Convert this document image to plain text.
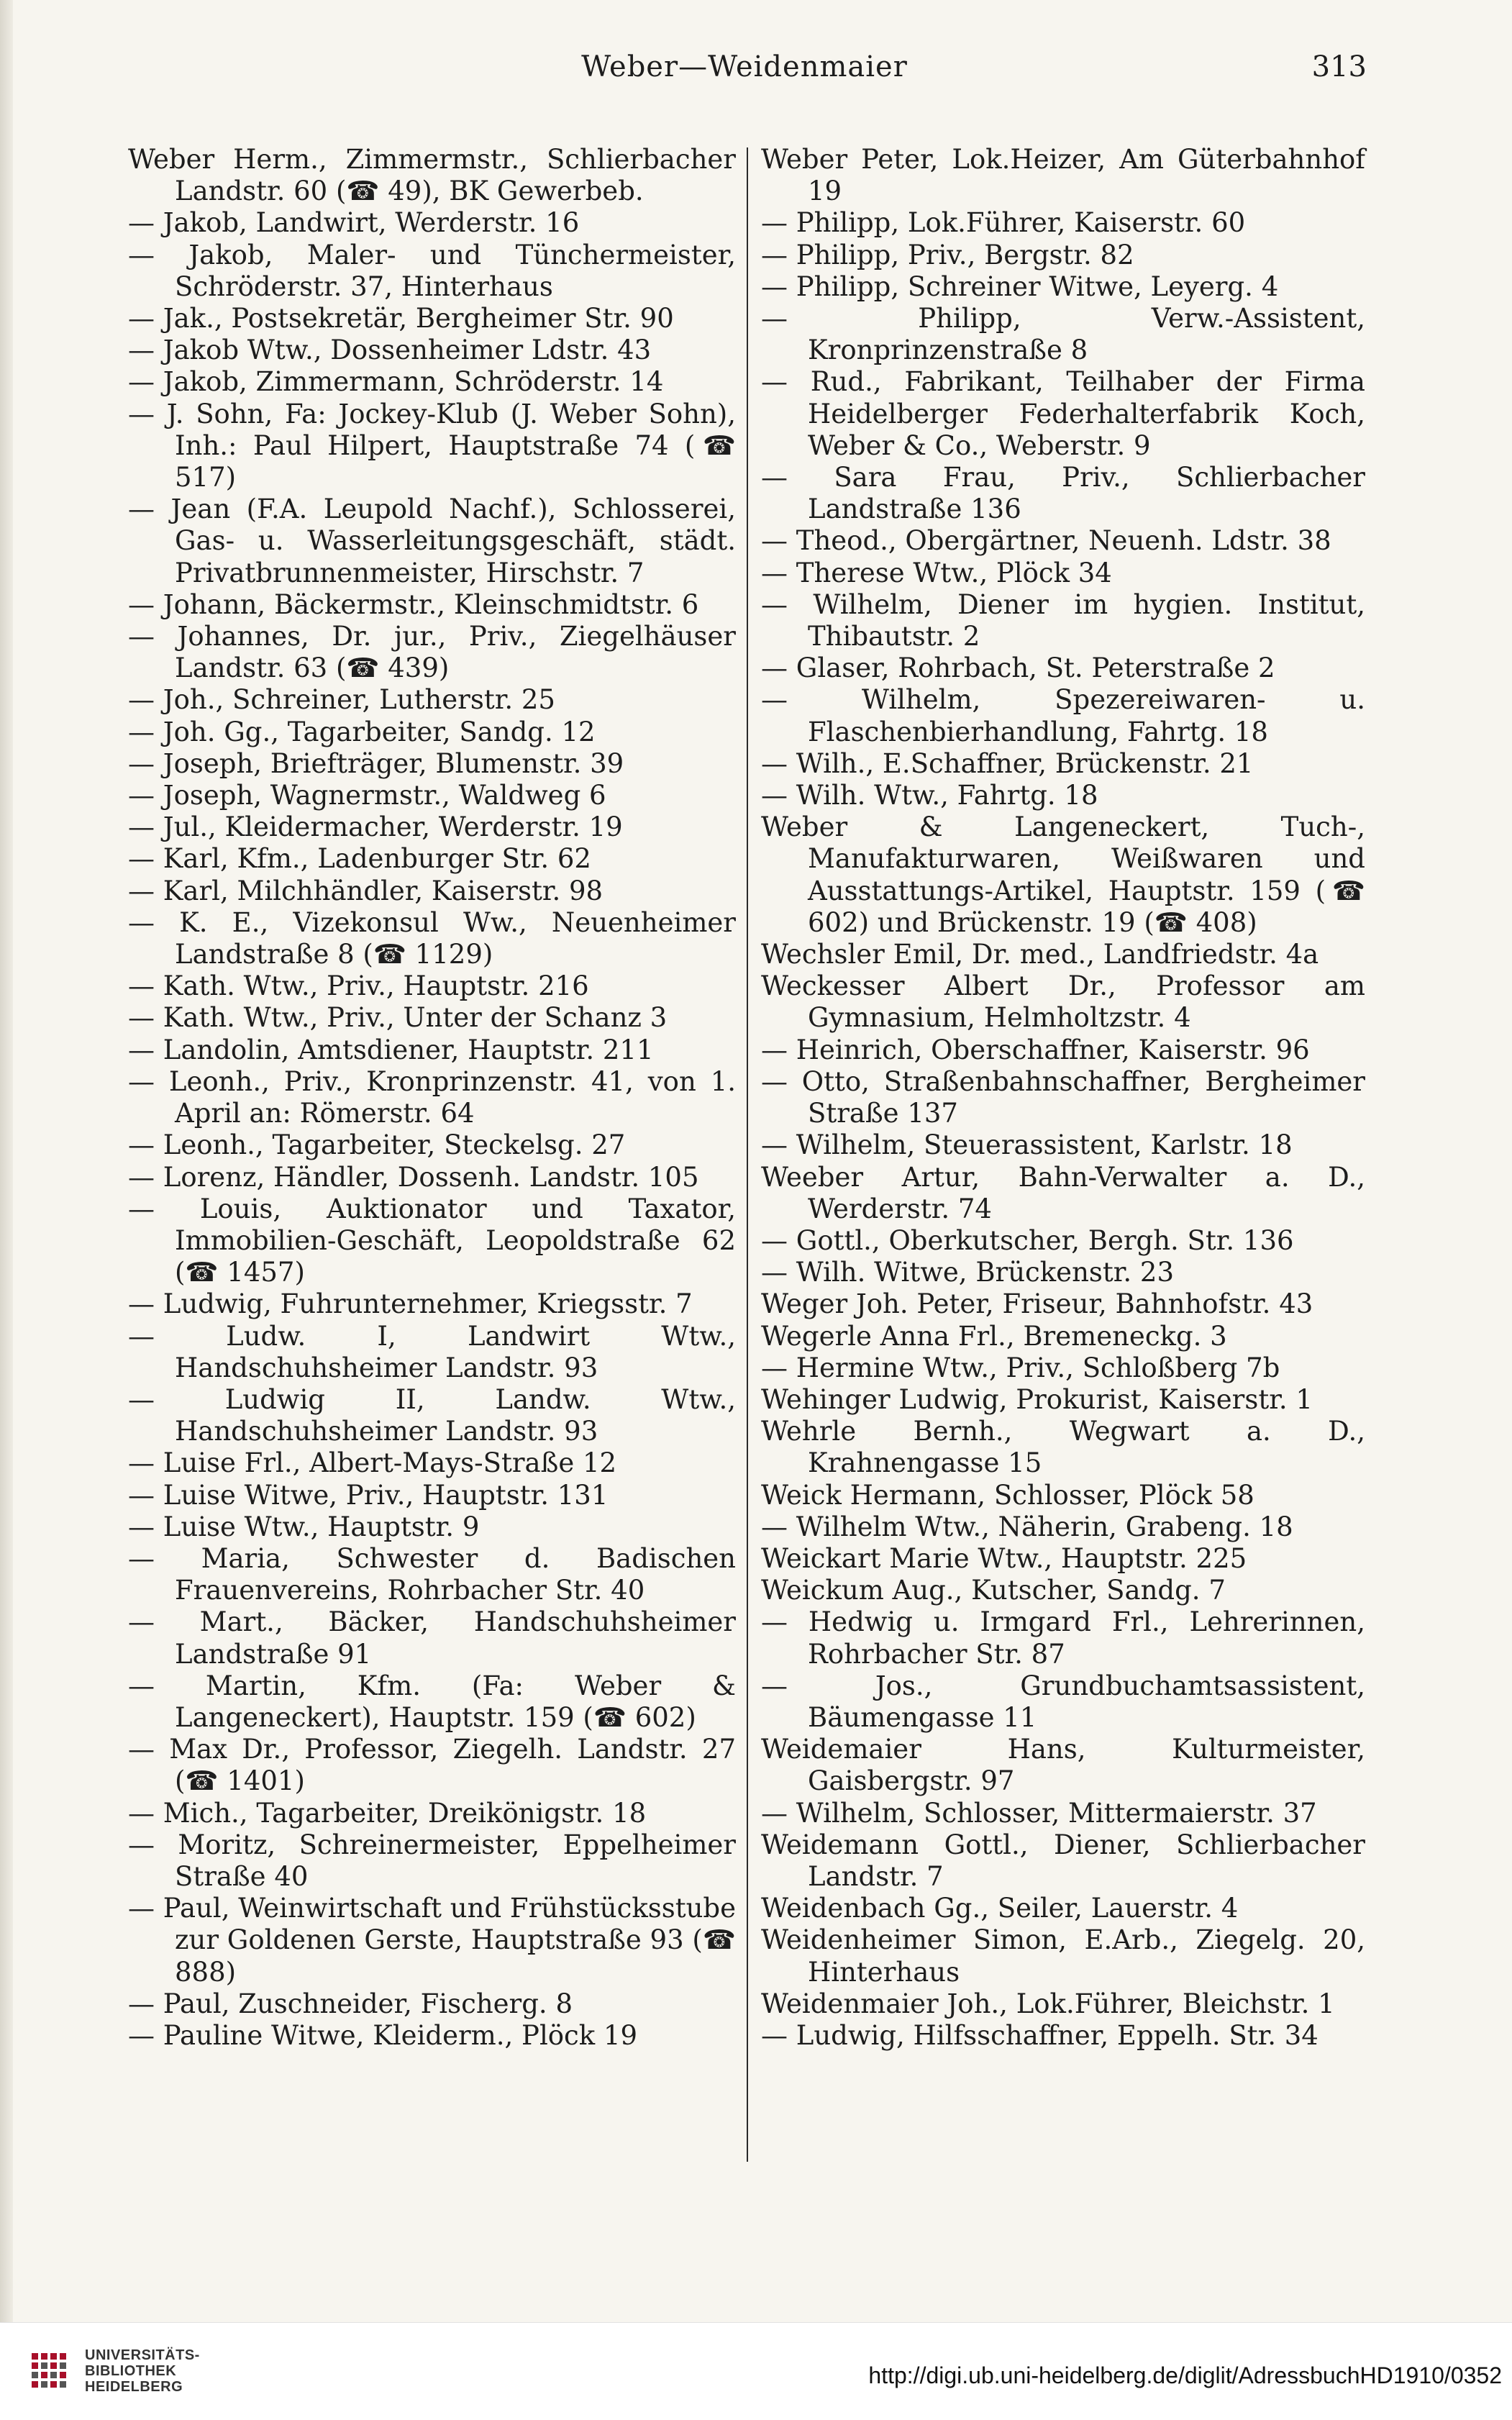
Weber—Weidenmaier	313
Weber Herm., Zimmermstr., Schlierbacher Landstr. 60 (☎ 49), BK Gewerbeb.
— Jakob, Landwirt, Werderstr. 16
— Jakob, Maler- und Tünchermeister, Schröderstr. 37, Hinterhaus
— Jak., Postsekretär, Bergheimer Str. 90
— Jakob Wtw., Dossenheimer Ldstr. 43
— Jakob, Zimmermann, Schröderstr. 14
— J. Sohn, Fa: Jockey-Klub (J. Weber Sohn), Inh.: Paul Hilpert, Hauptstraße 74 (☎ 517)
— Jean (F.A. Leupold Nachf.), Schlosserei, Gas- u. Wasserleitungsgeschäft, städt. Privatbrunnenmeister, Hirschstr. 7
— Johann, Bäckermstr., Kleinschmidtstr. 6
— Johannes, Dr. jur., Priv., Ziegelhäuser Landstr. 63 (☎ 439)
— Joh., Schreiner, Lutherstr. 25
— Joh. Gg., Tagarbeiter, Sandg. 12
— Joseph, Briefträger, Blumenstr. 39
— Joseph, Wagnermstr., Waldweg 6
— Jul., Kleidermacher, Werderstr. 19
— Karl, Kfm., Ladenburger Str. 62
— Karl, Milchhändler, Kaiserstr. 98
— K. E., Vizekonsul Ww., Neuenheimer Landstraße 8 (☎ 1129)
— Kath. Wtw., Priv., Hauptstr. 216
— Kath. Wtw., Priv., Unter der Schanz 3
— Landolin, Amtsdiener, Hauptstr. 211
— Leonh., Priv., Kronprinzenstr. 41, von 1. April an: Römerstr. 64
— Leonh., Tagarbeiter, Steckelsg. 27
— Lorenz, Händler, Dossenh. Landstr. 105
— Louis, Auktionator und Taxator, Immobilien-Geschäft, Leopoldstraße 62 (☎ 1457)
— Ludwig, Fuhrunternehmer, Kriegsstr. 7
— Ludw. I, Landwirt Wtw., Handschuhsheimer Landstr. 93
— Ludwig II, Landw. Wtw., Handschuhsheimer Landstr. 93
— Luise Frl., Albert-Mays-Straße 12
— Luise Witwe, Priv., Hauptstr. 131
— Luise Wtw., Hauptstr. 9
— Maria, Schwester d. Badischen Frauenvereins, Rohrbacher Str. 40
— Mart., Bäcker, Handschuhsheimer Landstraße 91
— Martin, Kfm. (Fa: Weber & Langeneckert), Hauptstr. 159 (☎ 602)
— Max Dr., Professor, Ziegelh. Landstr. 27 (☎ 1401)
— Mich., Tagarbeiter, Dreikönigstr. 18
— Moritz, Schreinermeister, Eppelheimer Straße 40
— Paul, Weinwirtschaft und Frühstücksstube zur Goldenen Gerste, Hauptstraße 93 (☎ 888)
— Paul, Zuschneider, Fischerg. 8
— Pauline Witwe, Kleiderm., Plöck 19
Weber Peter, Lok.Heizer, Am Güterbahnhof 19
— Philipp, Lok.Führer, Kaiserstr. 60
— Philipp, Priv., Bergstr. 82
— Philipp, Schreiner Witwe, Leyerg. 4
— Philipp, Verw.-Assistent, Kronprinzenstraße 8
— Rud., Fabrikant, Teilhaber der Firma Heidelberger Federhalterfabrik Koch, Weber & Co., Weberstr. 9
— Sara Frau, Priv., Schlierbacher Landstraße 136
— Theod., Obergärtner, Neuenh. Ldstr. 38
— Therese Wtw., Plöck 34
— Wilhelm, Diener im hygien. Institut, Thibautstr. 2
— Glaser, Rohrbach, St. Peterstraße 2
— Wilhelm, Spezereiwaren- u. Flaschenbierhandlung, Fahrtg. 18
— Wilh., E.Schaffner, Brückenstr. 21
— Wilh. Wtw., Fahrtg. 18
Weber & Langeneckert, Tuch-, Manufakturwaren, Weißwaren und Ausstattungs-Artikel, Hauptstr. 159 (☎ 602) und Brückenstr. 19 (☎ 408)
Wechsler Emil, Dr. med., Landfriedstr. 4a
Weckesser Albert Dr., Professor am Gymnasium, Helmholtzstr. 4
— Heinrich, Oberschaffner, Kaiserstr. 96
— Otto, Straßenbahnschaffner, Bergheimer Straße 137
— Wilhelm, Steuerassistent, Karlstr. 18
Weeber Artur, Bahn-Verwalter a. D., Werderstr. 74
— Gottl., Oberkutscher, Bergh. Str. 136
— Wilh. Witwe, Brückenstr. 23
Weger Joh. Peter, Friseur, Bahnhofstr. 43
Wegerle Anna Frl., Bremeneckg. 3
— Hermine Wtw., Priv., Schloßberg 7b
Wehinger Ludwig, Prokurist, Kaiserstr. 1
Wehrle Bernh., Wegwart a. D., Krahnengasse 15
Weick Hermann, Schlosser, Plöck 58
— Wilhelm Wtw., Näherin, Grabeng. 18
Weickart Marie Wtw., Hauptstr. 225
Weickum Aug., Kutscher, Sandg. 7
— Hedwig u. Irmgard Frl., Lehrerinnen, Rohrbacher Str. 87
— Jos., Grundbuchamtsassistent, Bäumengasse 11
Weidemaier Hans, Kulturmeister, Gaisbergstr. 97
— Wilhelm, Schlosser, Mittermaierstr. 37
Weidemann Gottl., Diener, Schlierbacher Landstr. 7
Weidenbach Gg., Seiler, Lauerstr. 4
Weidenheimer Simon, E.Arb., Ziegelg. 20, Hinterhaus
Weidenmaier Joh., Lok.Führer, Bleichstr. 1
— Ludwig, Hilfsschaffner, Eppelh. Str. 34
UNIVERSITÄTS-
BIBLIOTHEK
HEIDELBERG	http://digi.ub.uni-heidelberg.de/diglit/AdressbuchHD1910/0352
